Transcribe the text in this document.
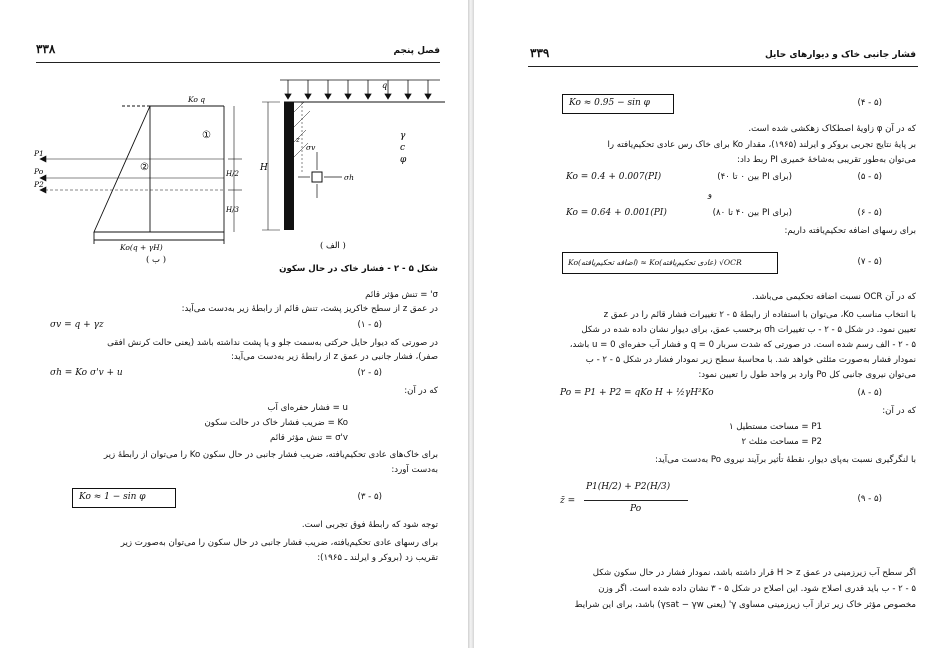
۳۳۸	فصل پنجم
H
σh
σv
z	γ
c
φ
q
( الف )
Ko q
①
②
P1
Po
P2
H/2
H/3
Ko(q + γH)
( ب )
شکل ۵ - ۲ - فشار خاک در حال سکون
σ' = تنش مؤثر قائم
در عمق z از سطح خاکریز پشت، تنش قائم از رابطهٔ زیر به‌دست می‌آید:
σv = q + γz	(۱ - ۵)
در صورتی که دیوار حایل حرکتی به‌سمت جلو و یا پشت نداشته باشد (یعنی حالت کرنش افقی
صفر)، فشار جانبی در عمق z از رابطهٔ زیر به‌دست می‌آید:
σh = Ko σ'v + u	(۲ - ۵)
که در آن:
u = فشار حفره‌ای آب
Ko = ضریب فشار خاک در حالت سکون
σ'v = تنش مؤثر قائم
برای خاک‌های عادی تحکیم‌یافته، ضریب فشار جانبی در حال سکون Ko را می‌توان از رابطهٔ زیر
به‌دست آورد:
Ko ≈ 1 − sin φ	(۳ - ۵)
توجه شود که رابطهٔ فوق تجربی است.
برای رسهای عادی تحکیم‌یافته، ضریب فشار جانبی در حال سکون را می‌توان به‌صورت زیر
تقریب زد (بروکر و ایرلند ـ ۱۹۶۵):
۳۳۹	فشار جانبی خاک و دیوارهای حایل
Ko ≈ 0.95 − sin φ	(۴ - ۵)
که در آن φ زاویهٔ اصطکاک زهکشی شده است.
بر پایهٔ نتایج تجربی بروکر و ایرلند (۱۹۶۵)، مقدار Ko برای خاک رس عادی تحکیم‌یافته را
می‌توان به‌طور تقریبی به‌شاخهٔ خمیری PI ربط داد:
Ko = 0.4 + 0.007(PI)	(برای PI بین ۰ تا ۴۰)	(۵ - ۵)
و
Ko = 0.64 + 0.001(PI)	(برای PI بین ۴۰ تا ۸۰)	(۶ - ۵)
برای رسهای اضافه تحکیم‌یافته داریم:
Ko(اضافه تحکیم‌یافته) ≈ Ko(عادی تحکیم‌یافته) √OCR	(۷ - ۵)
که در آن OCR نسبت اضافه تحکیمی می‌باشد.
با انتخاب مناسب Ko، می‌توان با استفاده از رابطهٔ ۵ - ۲ تغییرات فشار قائم را در عمق z
تعیین نمود. در شکل ۵ - ۲ - ب تغییرات σh برحسب عمق، برای دیوار نشان داده شده در شکل
۵ - ۲ - الف رسم شده است. در صورتی که شدت سربار q = 0 و فشار آب حفره‌ای u = 0 باشد،
نمودار فشار به‌صورت مثلثی خواهد شد. با محاسبهٔ سطح زیر نمودار فشار در شکل ۵ - ۲ - ب
می‌توان نیروی جانبی کل Po وارد بر واحد طول را تعیین نمود:
Po = P1 + P2 = qKo H + ½γH²Ko	(۸ - ۵)
که در آن:
P1 = مساحت مستطیل ۱
P2 = مساحت مثلث ۲
با لنگرگیری نسبت به‌پای دیوار، نقطهٔ تأثیر برآیند نیروی Po به‌دست می‌آید:
z̄ =
P1(H/2) + P2(H/3)
Po
(۹ - ۵)
اگر سطح آب زیرزمینی در عمق H > z قرار داشته باشد، نمودار فشار در حال سکون شکل
۵ - ۲ - ب باید قدری اصلاح شود. این اصلاح در شکل ۵ - ۳ نشان داده شده است. اگر وزن
مخصوص مؤثر خاک زیر تراز آب زیرزمینی مساوی γ' (یعنی γsat − γw) باشد، برای این شرایط
